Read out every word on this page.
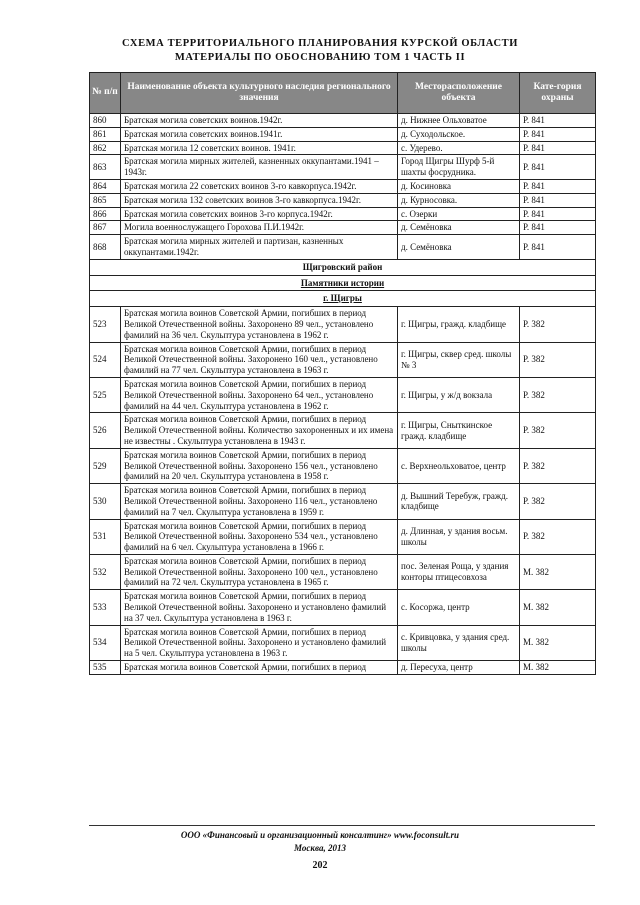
СХЕМА ТЕРРИТОРИАЛЬНОГО ПЛАНИРОВАНИЯ КУРСКОЙ ОБЛАСТИ
МАТЕРИАЛЫ ПО ОБОСНОВАНИЮ ТОМ 1 ЧАСТЬ II
№ п/п	Наименование объекта культурного наследия регионального значения	Месторасположение объекта	Кате-гория охраны
860	Братская могила советских воинов.1942г.	д. Нижнее Ольховатое	Р. 841
861	Братская могила советских воинов.1941г.	д. Суходольское.	Р. 841
862	Братская могила 12 советских воинов. 1941г.	с. Удерево.	Р. 841
863	Братская могила мирных жителей, казненных оккупантами.1941 – 1943г.	Город Щигры Шурф 5-й шахты фосрудника.	Р. 841
864	Братская могила 22 советских воинов 3-го кавкорпуса.1942г.	д. Косиновка	Р. 841
865	Братская могила 132 советских воинов 3-го кавкорпуса.1942г.	д. Курносовка.	Р. 841
866	Братская могила советских воинов 3-го корпуса.1942г.	с. Озерки	Р. 841
867	Могила военнослужащего Горохова П.И.1942г.	д. Семёновка	Р. 841
868	Братская могила мирных жителей и партизан, казненных оккупантами.1942г.	д. Семёновка	Р. 841
Щигровский район			
Памятники истории			
г. Щигры			
523	Братская могила воинов Советской Армии, погибших в период Великой Отечественной войны. Захоронено 89 чел., установлено фамилий на 36 чел. Скульптура установлена в 1962 г.	г. Щигры, гражд. кладбище	Р. 382
524	Братская могила воинов Советской Армии, погибших в период Великой Отечественной войны. Захоронено 160 чел., установлено фамилий на 77 чел. Скульптура установлена в 1963 г.	г. Щигры, сквер сред. школы № 3	Р. 382
525	Братская могила воинов Советской Армии, погибших в период Великой Отечественной войны. Захоронено 64 чел., установлено фамилий на 44 чел. Скульптура установлена в 1962 г.	г. Щигры, у ж/д вокзала	Р. 382
526	Братская могила воинов Советской Армии, погибших в период Великой Отечественной войны. Количество захороненных и их имена не известны . Скульптура установлена в 1943 г.	г. Щигры, Сныткинское гражд. кладбище	Р. 382
529	Братская могила воинов Советской Армии, погибших в период Великой Отечественной войны. Захоронено 156 чел., установлено фамилий на 20 чел. Скульптура установлена в 1958 г.	с. Верхнеольховатое, центр	Р. 382
530	Братская могила воинов Советской Армии, погибших в период Великой Отечественной войны. Захоронено 116 чел., установлено фамилий на 7 чел. Скульптура установлена в 1959 г.	д. Вышний Теребуж, гражд. кладбище	Р. 382
531	Братская могила воинов Советской Армии, погибших в период Великой Отечественной войны. Захоронено 534 чел., установлено фамилий на 6 чел. Скульптура установлена в 1966 г.	д. Длинная, у здания восьм. школы	Р. 382
532	Братская могила воинов Советской Армии, погибших в период Великой Отечественной войны. Захоронено 100 чел., установлено фамилий на 72 чел. Скульптура установлена в 1965 г.	пос. Зеленая Роща, у здания конторы птицесовхоза	М. 382
533	Братская могила воинов Советской Армии, погибших в период Великой Отечественной войны. Захоронено и установлено фамилий на 37 чел. Скульптура установлена в 1963 г.	с. Косоржа, центр	М. 382
534	Братская могила воинов Советской Армии, погибших в период Великой Отечественной войны. Захоронено и установлено фамилий на 5 чел. Скульптура установлена в 1963 г.	с. Кривцовка, у здания сред. школы	М. 382
535	Братская могила воинов Советской Армии, погибших в период	д. Пересуха, центр	М. 382
ООО «Финансовый и организационный консалтинг» www.foconsult.ru
Москва, 2013
202
